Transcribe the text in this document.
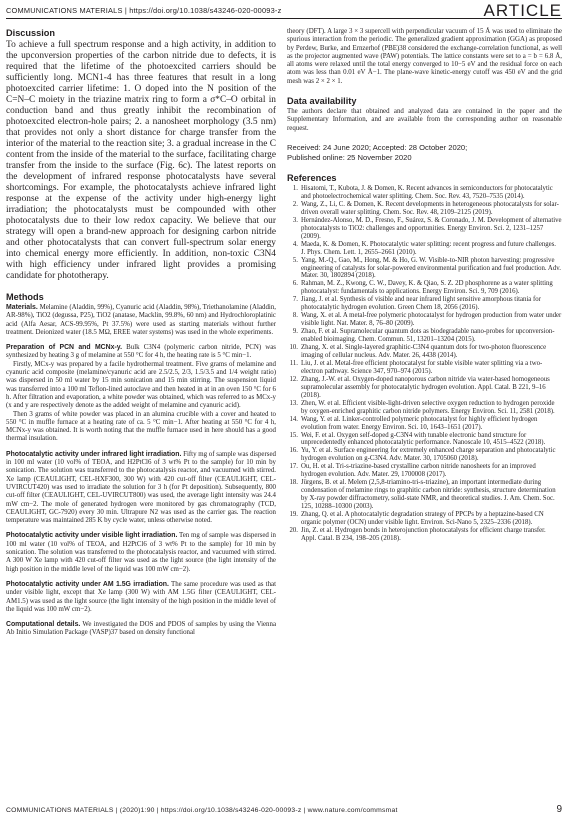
COMMUNICATIONS MATERIALS | https://doi.org/10.1038/s43246-020-00093-z	ARTICLE
Discussion

To achieve a full spectrum response and a high activity, in addition to the upconversion properties of the carbon nitride due to defects, it is required that the lifetime of the photoexcited carriers should be sufficiently long. MCN1-4 has three features that result in a long photoexcited carrier lifetime: 1. O doped into the N position of the C=N–C moiety in the triazine matrix ring to form a σ*C–O orbital in conduction band and thus greatly inhibit the recombination of photoexcited electron-hole pairs; 2. a nanosheet morphology (3.5 nm) that provides not only a short distance for charge transfer from the interior of the material to the reaction site; 3. a gradual increase in the C content from the inside of the material to the surface, facilitating charge transfer from the inside to the surface (Fig. 6c). The latest reports on the development of infrared response photocatalysts have several shortcomings. For example, the photocatalysts achieve infrared light response at the expense of the activity under high-energy light irradiation; the photocatalysts must be compounded with other photocatalysts due to their low redox capacity. We believe that our strategy will open a brand-new approach for designing carbon nitride and other photocatalysts that can convert full-spectrum solar energy into chemical energy more efficiently. In addition, non-toxic C3N4 with high efficiency under infrared light provides a promising candidate for phototherapy.

Methods

Materials. Melamine (Aladdin, 99%), Cyanuric acid (Aladdin, 98%), Triethanolamine (Aladdin, AR-98%), TiO2 (degussa, P25), TiO2 (anatase, Macklin, 99.8%, 60 nm) and Hydrochloroplatinic acid (Alfa Aesar, ACS-99.95%, Pt 37.5%) were used as starting materials without further treatment. Deionized water (18.5 MΩ, EREE water systems) was used in the whole experiments.

Preparation of PCN and MCNx-y. Bulk C3N4 (polymeric carbon nitride, PCN) was synthesized by heating 3 g of melamine at 550 °C for 4 h, the heating rate is 5 °C min−1.
Firstly, MCx-y was prepared by a facile hydrothermal treatment. Five grams of melamine and cyanuric acid composite (melamine/cyanuric acid are 2.5/2.5, 2/3, 1.5/3.5 and 1/4 weight ratio) was dispersed in 50 ml water by 15 min sonication and 15 min stirring. The suspension liquid was transferred into a 100 ml Teflon-lined autoclave and then heated in at in an oven 150 °C for 6 h. After filtration and evaporation, a white powder was obtained, which was referred to as MCx-y (x and y are respectively denote as the added weight of melamine and cyanuric acid).
Then 3 grams of white powder was placed in an alumina crucible with a cover and heated to 550 °C in muffle furnace at a heating rate of ca. 5 °C min−1. After heating at 550 °C for 4 h, MCNx-y was obtained. It is worth noting that the muffle furnace used in here should has a good thermal insulation.

Photocatalytic activity under infrared light irradiation. Fifty mg of sample was dispersed in 100 ml water (10 vol% of TEOA, and H2PtCl6 of 3 wt% Pt to the sample) for 10 min by sonication. The solution was transferred to the photocatalysis reactor, and vacuumed with stirred. Xe lamp (CEAULIGHT, CEL-HXF300, 300 W) with 420 cut-off filter (CEAULIGHT, CEL-UVIRCUT420) was used to irradiate the solution for 3 h (for Pt deposition). Subsequently, 800 cut-off filter (CEAULIGHT, CEL-UVIRCUT800) was used, the average light intensity was 24.4 mW cm−2. The mole of generated hydrogen were monitored by gas chromatography (TCD, CEAULIGHT, GC-7920) every 30 min. Ultrapure N2 was used as the carrier gas. The reaction temperature was maintained 285 K by cycle water, unless otherwise noted.

Photocatalytic activity under visible light irradiation. Ten mg of sample was dispersed in 100 ml water (10 vol% of TEOA, and H2PtCl6 of 3 wt% Pt to the sample) for 10 min by sonication. The solution was transferred to the photocatalysis reactor, and vacuumed with stirred. A 300 W Xe lamp with 420 cut-off filter was used as the light source (the light intensity of the high position in the middle level of the liquid was 100 mW cm−2).

Photocatalytic activity under AM 1.5G irradiation. The same procedure was used as that under visible light, except that Xe lamp (300 W) with AM 1.5G filter (CEAULIGHT, CEL-AM1.5) was used as the light source (the light intensity of the high position in the middle level of the liquid was 100 mW cm−2).

Computational details. We investigated the DOS and PDOS of samples by using the Vienna Ab Initio Simulation Package (VASP)37 based on density functional

theory (DFT). A large 3 × 3 supercell with perpendicular vacuum of 15 Å was used to eliminate the spurious interaction from the periodic. The generalized gradient approximation (GGA) as proposed by Perdew, Burke, and Ernzerhof (PBE)38 considered the exchange-correlation functional, as well as the projector augmented wave (PAW) potentials. The lattice constants were set to a = b = 6.8 Å, all atoms were relaxed until the total energy converged to 10−5 eV and the residual force on each atom was less than 0.01 eV Å−1. The plane-wave kinetic-energy cutoff was 450 eV and the grid mesh was 2 × 2 × 1.

Data availability

The authors declare that obtained and analyzed data are contained in the paper and the Supplementary Information, and are available from the corresponding author on reasonable request.

Received: 24 June 2020; Accepted: 28 October 2020;
Published online: 25 November 2020
References
1. Hisatomi, T., Kubota, J. & Domen, K. Recent advances in semiconductors for photocatalytic and photoelectrochemical water splitting. Chem. Soc. Rev. 43, 7520–7535 (2014).
2. Wang, Z., Li, C. & Domen, K. Recent developments in heterogeneous photocatalysts for solar-driven overall water splitting. Chem. Soc. Rev. 48, 2109–2125 (2019).
3. Hernández-Alonso, M. D., Fresno, F., Suárez, S. & Coronado, J. M. Development of alternative photocatalysts to TiO2: challenges and opportunities. Energy Environ. Sci. 2, 1231–1257 (2009).
4. Maeda, K. & Domen, K. Photocatalytic water splitting: recent progress and future challenges. J. Phys. Chem. Lett. 1, 2655–2661 (2010).
5. Yang, M.-Q., Gao, M., Hong, M. & Ho, G. W. Visible-to-NIR photon harvesting: progressive engineering of catalysts for solar-powered environmental purification and fuel production. Adv. Mater. 30, 1802894 (2018).
6. Rahman, M. Z., Kwong, C. W., Davey, K. & Qiao, S. Z. 2D phosphorene as a water splitting photocatalyst: fundamentals to applications. Energy Environ. Sci. 9, 709 (2016).
7. Jiang, J. et al. Synthesis of visible and near infrared light sensitive amorphous titania for photocatalytic hydrogen evolution. Green Chem 18, 2056 (2016).
8. Wang, X. et al. A metal-free polymeric photocatalyst for hydrogen production from water under visible light. Nat. Mater. 8, 76–80 (2009).
9. Zhao, F. et al. Supramolecular quantum dots as biodegradable nano-probes for upconversion-enabled bioimaging. Chem. Commun. 51, 13201–13204 (2015).
10. Zhang, X. et al. Single-layered graphitic-C3N4 quantum dots for two-photon fluorescence imaging of cellular nucleus. Adv. Mater. 26, 4438 (2014).
11. Liu, J. et al. Metal-free efficient photocatalyst for stable visible water splitting via a two-electron pathway. Science 347, 970–974 (2015).
12. Zhang, J.-W. et al. Oxygen-doped nanoporous carbon nitride via water-based homogeneous supramolecular assembly for photocatalytic hydrogen evolution. Appl. Catal. B 221, 9–16 (2018).
13. Zhen, W. et al. Efficient visible-light-driven selective oxygen reduction to hydrogen peroxide by oxygen-enriched graphitic carbon nitride polymers. Energy Environ. Sci. 11, 2581 (2018).
14. Wang, Y. et al. Linker-controlled polymeric photocatalyst for highly efficient hydrogen evolution from water. Energy Environ. Sci. 10, 1643–1651 (2017).
15. Wei, F. et al. Oxygen self-doped g-C3N4 with tunable electronic band structure for unprecedentedly enhanced photocatalytic performance. Nanoscale 10, 4515–4522 (2018).
16. Yu, Y. et al. Surface engineering for extremely enhanced charge separation and photocatalytic hydrogen evolution on g-C3N4. Adv. Mater. 30, 1705060 (2018).
17. Ou, H. et al. Tri-s-triazine-based crystalline carbon nitride nanosheets for an improved hydrogen evolution. Adv. Mater. 29, 1700008 (2017).
18. Jürgens, B. et al. Melem (2,5,8-triamino-tri-s-triazine), an important intermediate during condensation of melamine rings to graphitic carbon nitride: synthesis, structure determination by X-ray powder diffractometry, solid-state NMR, and theoretical studies. J. Am. Chem. Soc. 125, 10288–10300 (2003).
19. Zhang, Q. et al. A photocatalytic degradation strategy of PPCPs by a heptazine-based CN organic polymer (OCN) under visible light. Environ. Sci-Nano 5, 2325–2336 (2018).
20. Jin, Z. et al. Hydrogen bonds in heterojunction photocatalysts for efficient charge transfer. Appl. Catal. B 234, 198–205 (2018).
COMMUNICATIONS MATERIALS | (2020)1:90 | https://doi.org/10.1038/s43246-020-00093-z | www.nature.com/commsmat	9
